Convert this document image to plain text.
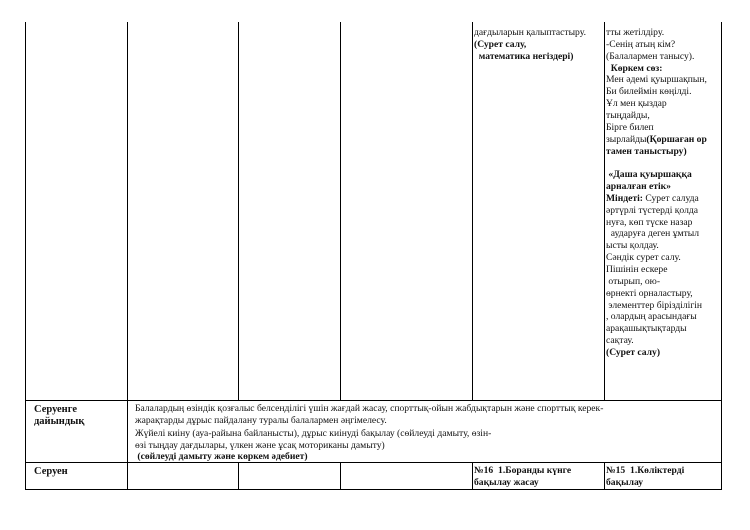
дағдыларын қалыптастыру.
(Сурет салу,
математика негіздері)
тты жетілдіру.
-Сенің атың кім?
(Балалармен танысу).
Көркем сөз:
Мен әдемі қуыршақпын,
Би билеймін көңілді.
Ұл мен қыздар
тыңдайды,
Бірге билеп
зырлайды(Қоршаған ор
тамен таныстыру)
«Даша қуыршаққа
арналған етік»
Міндеті: Сурет салуда
әртүрлі түстерді қолда
нуға, көп түске назар
аударуға деген ұмтыл
ысты қолдау.
Сәндік сурет салу.
Пішінін ескере
отырып, ою-
өрнекті орналастыру,
элементтер бірізділігін
, олардың арасындағы
арақашықтықтарды
сақтау.
(Сурет салу)
Серуенге
дайындық
Балалардың өзіндік қозғалыс белсенділігі үшін жағдай жасау, спорттық-ойын жабдықтарын және спорттық керек-
жарақтарды дұрыс пайдалану туралы балалармен әңгімелесу.
Жүйелі киіну (ауа-райына байланысты), дұрыс киінуді бақылау (сөйлеуді дамыту, өзін-
өзі тыңдау дағдылары, үлкен және ұсақ моториканы дамыту)
(сөйлеуді дамыту және көркем әдебиет)
Серуен	№16  1.Боранды күнге
бақылау жасау
№15  1.Көліктерді
бақылау
